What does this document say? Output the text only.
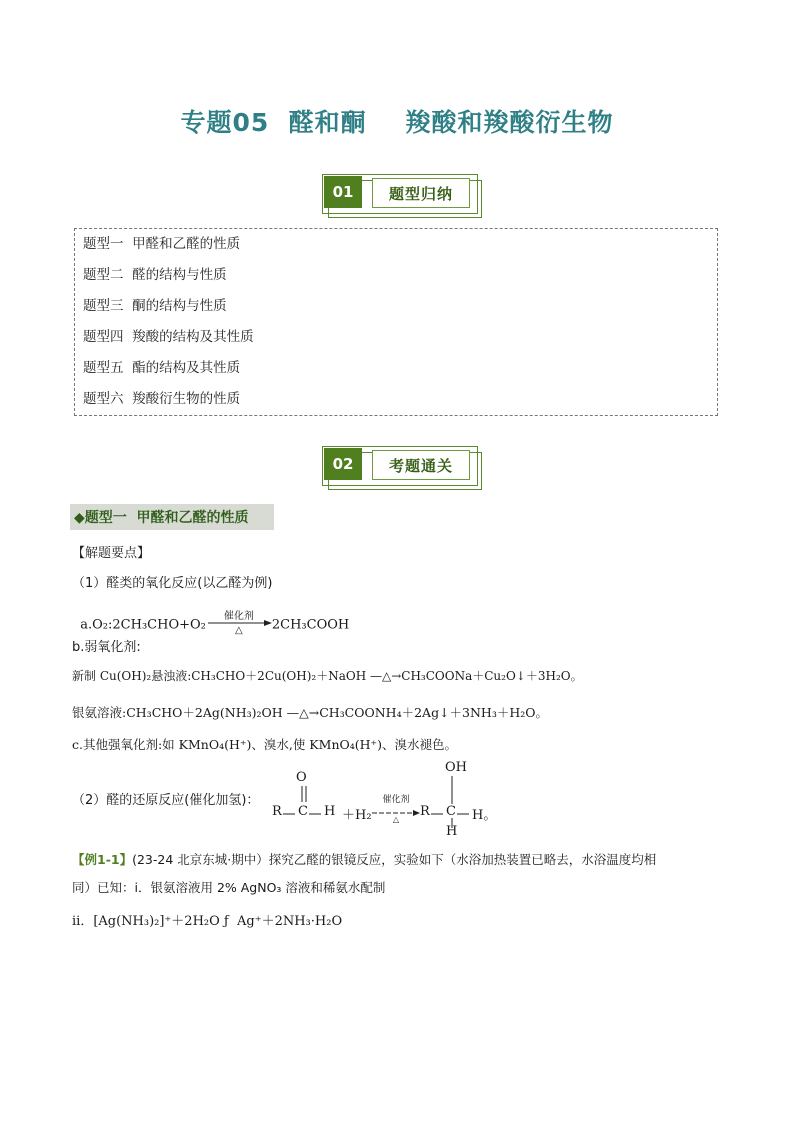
专题05  醛和酮    羧酸和羧酸衍生物
01	题型归纳
题型一  甲醛和乙醛的性质
题型二  醛的结构与性质
题型三  酮的结构与性质
题型四  羧酸的结构及其性质
题型五  酯的结构及其性质
题型六  羧酸衍生物的性质
02	考题通关
◆题型一  甲醛和乙醛的性质
【解题要点】
（1）醛类的氧化反应(以乙醛为例)

a.O₂:2CH₃CHO+O₂
催化剂
△	2CH₃COOH

b.弱氧化剂:
新制 Cu(OH)₂悬浊液:CH₃CHO＋2Cu(OH)₂＋NaOH —△→CH₃COONa＋Cu₂O↓＋3H₂O。
银氨溶液:CH₃CHO＋2Ag(NH₃)₂OH —△→CH₃COONH₄＋2Ag↓＋3NH₃＋H₂O。
c.其他强氧化剂:如 KMnO₄(H⁺)、溴水,使 KMnO₄(H⁺)、溴水褪色。
（2）醛的还原反应(催化加氢)：
O
R C H ＋H₂
催化剂
△
R C H。
OH
H
【例1-1】(23-24 北京东城·期中）探究乙醛的银镜反应，实验如下（水浴加热装置已略去，水浴温度均相
同）已知：ⅰ．银氨溶液用 2% AgNO₃ 溶液和稀氨水配制
ⅱ．[Ag(NH₃)₂]⁺＋2H₂O ƒ  Ag⁺＋2NH₃·H₂O
